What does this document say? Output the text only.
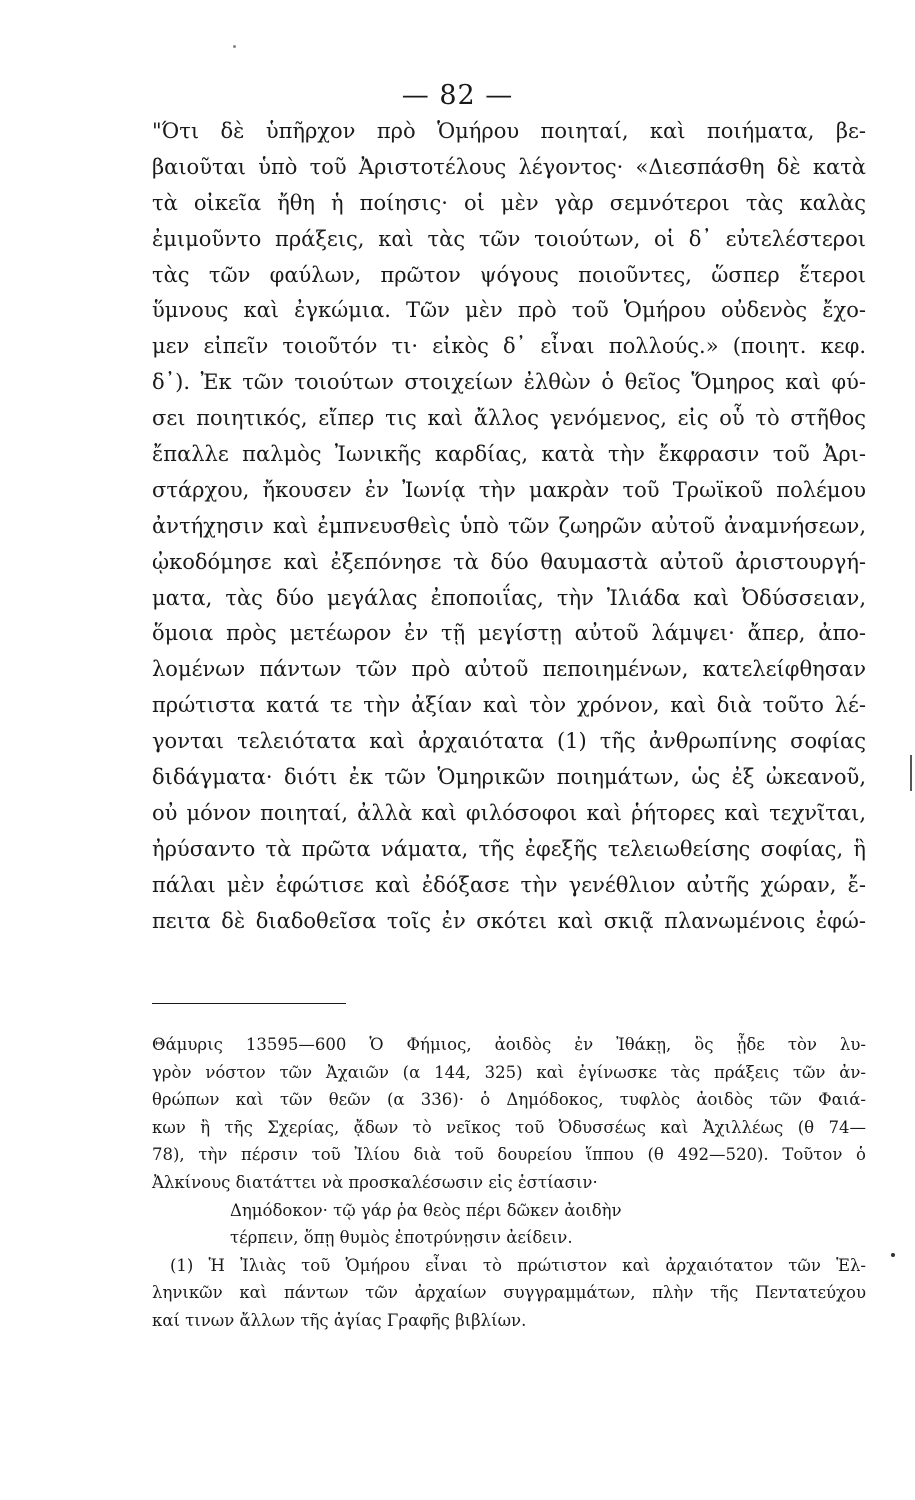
— 82 —
"Ότι δὲ ὑπῆρχον πρὸ Ὁμήρου ποιηταί, καὶ ποιήματα, βε-
βαιοῦται ὑπὸ τοῦ Ἀριστοτέλους λέγοντος· «Διεσπάσθη δὲ κατὰ
τὰ οἰκεῖα ἤθη ἡ ποίησις· οἱ μὲν γὰρ σεμνότεροι τὰς καλὰς
ἐμιμοῦντο πράξεις, καὶ τὰς τῶν τοιούτων, οἱ δ᾽ εὐτελέστεροι
τὰς τῶν φαύλων, πρῶτον ψόγους ποιοῦντες, ὥσπερ ἕτεροι
ὕμνους καὶ ἐγκώμια. Τῶν μὲν πρὸ τοῦ Ὁμήρου οὐδενὸς ἔχο-
μεν εἰπεῖν τοιοῦτόν τι· εἰκὸς δ᾽ εἶναι πολλούς.» (ποιητ. κεφ.
δ᾽). Ἐκ τῶν τοιούτων στοιχείων ἐλθὼν ὁ θεῖος Ὅμηρος καὶ φύ-
σει ποιητικός, εἴπερ τις καὶ ἄλλος γενόμενος, εἰς οὗ τὸ στῆθος
ἔπαλλε παλμὸς Ἰωνικῆς καρδίας, κατὰ τὴν ἔκφρασιν τοῦ Ἀρι-
στάρχου, ἤκουσεν ἐν Ἰωνίᾳ τὴν μακρὰν τοῦ Τρωϊκοῦ πολέμου
ἀντήχησιν καὶ ἐμπνευσθεὶς ὑπὸ τῶν ζωηρῶν αὐτοῦ ἀναμνήσεων,
ᾠκοδόμησε καὶ ἐξεπόνησε τὰ δύο θαυμαστὰ αὐτοῦ ἀριστουργή-
ματα, τὰς δύο μεγάλας ἐποποιΐας, τὴν Ἰλιάδα καὶ Ὀδύσσειαν,
ὅμοια πρὸς μετέωρον ἐν τῇ μεγίστῃ αὐτοῦ λάμψει· ἄπερ, ἀπο-
λομένων πάντων τῶν πρὸ αὐτοῦ πεποιημένων, κατελείφθησαν
πρώτιστα κατά τε τὴν ἀξίαν καὶ τὸν χρόνον, καὶ διὰ τοῦτο λέ-
γονται τελειότατα καὶ ἀρχαιότατα (1) τῆς ἀνθρωπίνης σοφίας
διδάγματα· διότι ἐκ τῶν Ὁμηρικῶν ποιημάτων, ὡς ἐξ ὠκεανοῦ,
οὐ μόνον ποιηταί, ἀλλὰ καὶ φιλόσοφοι καὶ ῥήτορες καὶ τεχνῖται,
ἠρύσαντο τὰ πρῶτα νάματα, τῆς ἐφεξῆς τελειωθείσης σοφίας, ἣ
πάλαι μὲν ἐφώτισε καὶ ἐδόξασε τὴν γενέθλιον αὐτῆς χώραν, ἔ-
πειτα δὲ διαδοθεῖσα τοῖς ἐν σκότει καὶ σκιᾷ πλανωμένοις ἐφώ-
Θάμυρις 13595—600 Ὁ Φήμιος, ἀοιδὸς ἐν Ἰθάκῃ, ὃς ᾖδε τὸν λυ-
γρὸν νόστον τῶν Ἀχαιῶν (α 144, 325) καὶ ἐγίνωσκε τὰς πράξεις τῶν ἀν-
θρώπων καὶ τῶν θεῶν (α 336)· ὁ Δημόδοκος, τυφλὸς ἀοιδὸς τῶν Φαιά-
κων ἢ τῆς Σχερίας, ᾄδων τὸ νεῖκος τοῦ Ὀδυσσέως καὶ Ἀχιλλέως (θ 74—
78), τὴν πέρσιν τοῦ Ἰλίου διὰ τοῦ δουρείου ἵππου (θ 492—520). Τοῦτον ὁ
Ἀλκίνους διατάττει νὰ προσκαλέσωσιν εἰς ἑστίασιν·
Δημόδοκον· τῷ γάρ ῥα θεὸς πέρι δῶκεν ἀοιδὴν
τέρπειν, ὅπῃ θυμὸς ἐποτρύνῃσιν ἀείδειν.
(1) Ἡ Ἰλιὰς τοῦ Ὁμήρου εἶναι τὸ πρώτιστον καὶ ἀρχαιότατον τῶν Ἑλ-
ληνικῶν καὶ πάντων τῶν ἀρχαίων συγγραμμάτων, πλὴν τῆς Πεντατεύχου
καί τινων ἄλλων τῆς ἁγίας Γραφῆς βιβλίων.
